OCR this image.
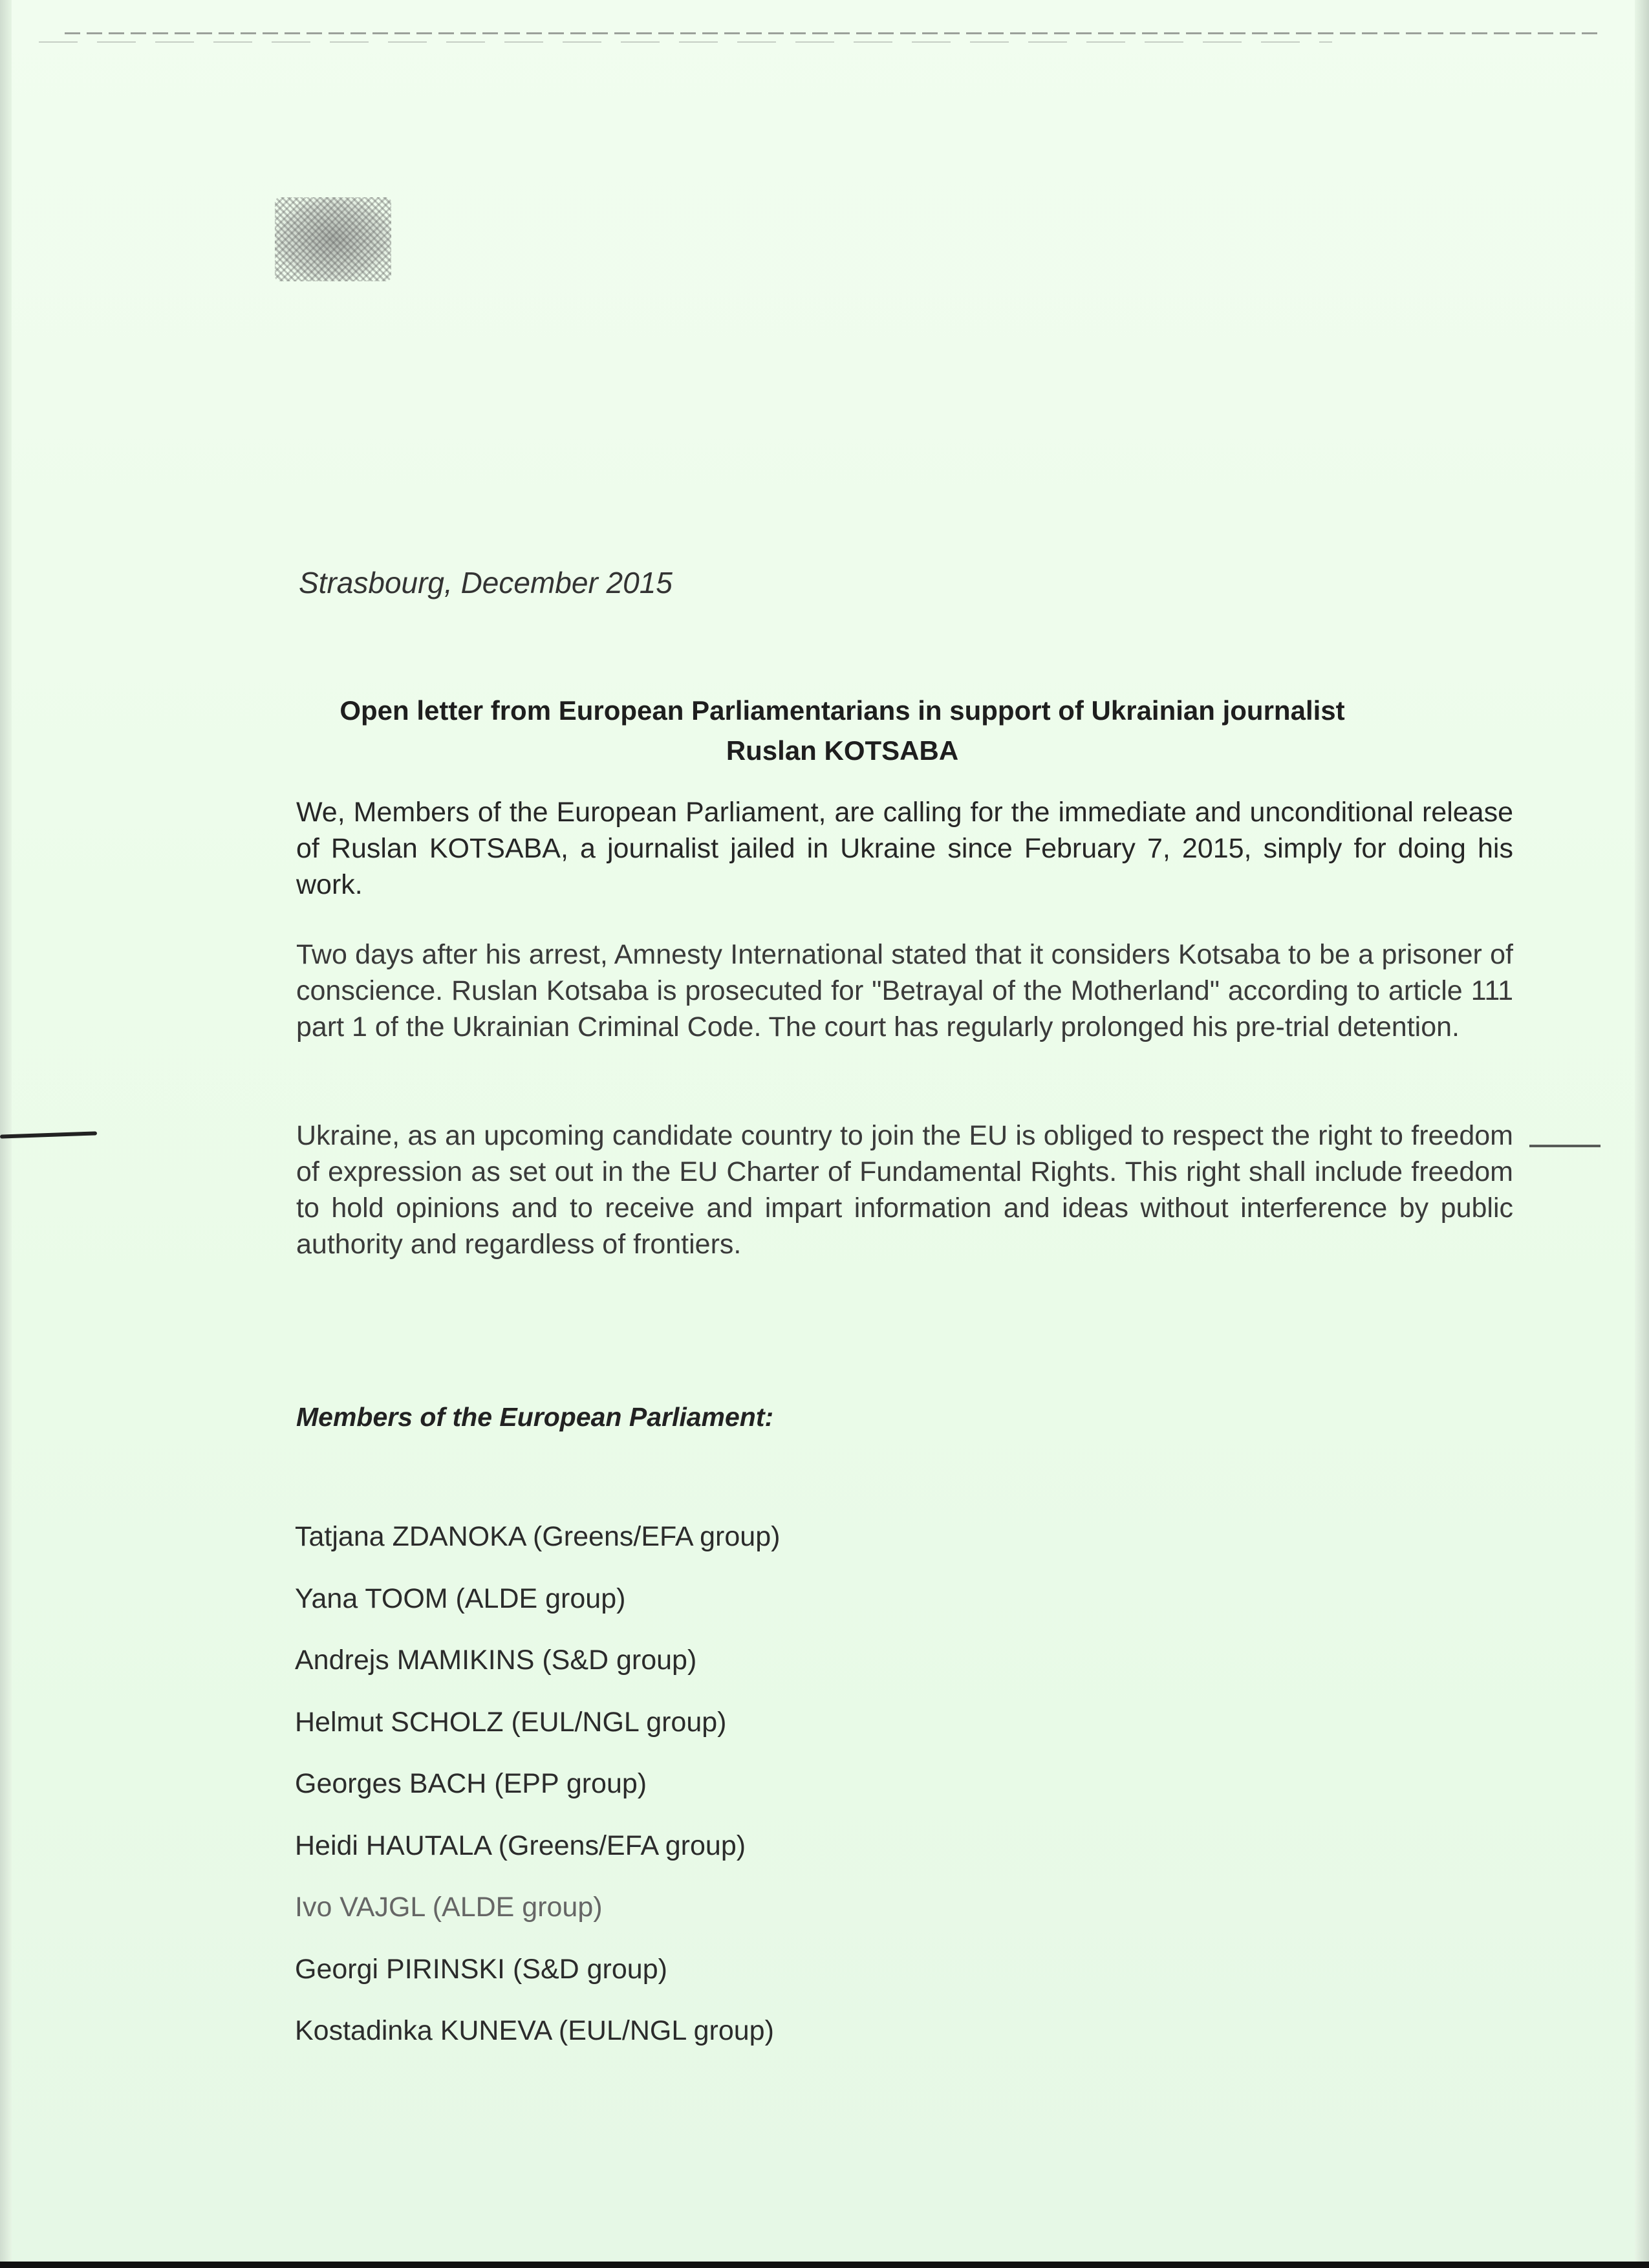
Strasbourg, December 2015
Open letter from European Parliamentarians in support of Ukrainian journalist
Ruslan KOTSABA
We, Members of the European Parliament, are calling for the immediate and unconditional release of Ruslan KOTSABA, a journalist jailed in Ukraine since February 7, 2015, simply for doing his work.
Two days after his arrest, Amnesty International stated that it considers Kotsaba to be a prisoner of conscience. Ruslan Kotsaba is prosecuted for "Betrayal of the Motherland" according to article 111 part 1 of the Ukrainian Criminal Code. The court has regularly prolonged his pre-trial detention.
Ukraine, as an upcoming candidate country to join the EU is obliged to respect the right to freedom of expression as set out in the EU Charter of Fundamental Rights. This right shall include freedom to hold opinions and to receive and impart information and ideas without interference by public authority and regardless of frontiers.
Members of the European Parliament:
Tatjana ZDANOKA (Greens/EFA group)
Yana TOOM (ALDE group)
Andrejs MAMIKINS (S&D group)
Helmut SCHOLZ (EUL/NGL group)
Georges BACH (EPP group)
Heidi HAUTALA (Greens/EFA group)
Ivo VAJGL (ALDE group)
Georgi PIRINSKI (S&D group)
Kostadinka KUNEVA (EUL/NGL group)
